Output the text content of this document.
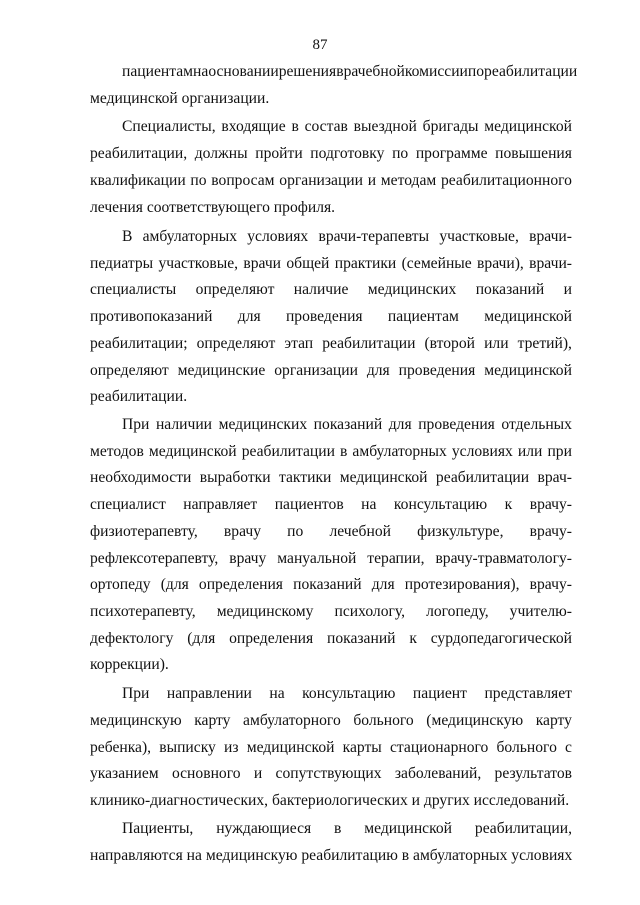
87
пациентам на основании решения врачебной комиссии по реабилитации
медицинской организации.
Специалисты, входящие в состав выездной бригады медицинской
реабилитации, должны пройти подготовку по программе повышения
квалификации по вопросам организации и методам реабилитационного
лечения соответствующего профиля.
В амбулаторных условиях врачи-терапевты участковые, врачи-
педиатры участковые, врачи общей практики (семейные врачи), врачи-
специалисты определяют наличие медицинских показаний и
противопоказаний для проведения пациентам медицинской
реабилитации; определяют этап реабилитации (второй или третий),
определяют медицинские организации для проведения медицинской
реабилитации.
При наличии медицинских показаний для проведения отдельных
методов медицинской реабилитации в амбулаторных условиях или при
необходимости выработки тактики медицинской реабилитации врач-
специалист направляет пациентов на консультацию к врачу-
физиотерапевту, врачу по лечебной физкультуре, врачу-
рефлексотерапевту, врачу мануальной терапии, врачу-травматологу-
ортопеду (для определения показаний для протезирования), врачу-
психотерапевту, медицинскому психологу, логопеду, учителю-
дефектологу (для определения показаний к сурдопедагогической
коррекции).
При направлении на консультацию пациент представляет
медицинскую карту амбулаторного больного (медицинскую карту
ребенка), выписку из медицинской карты стационарного больного с
указанием основного и сопутствующих заболеваний, результатов
клинико-диагностических, бактериологических и других исследований.
Пациенты, нуждающиеся в медицинской реабилитации,
направляются на медицинскую реабилитацию в амбулаторных условиях
